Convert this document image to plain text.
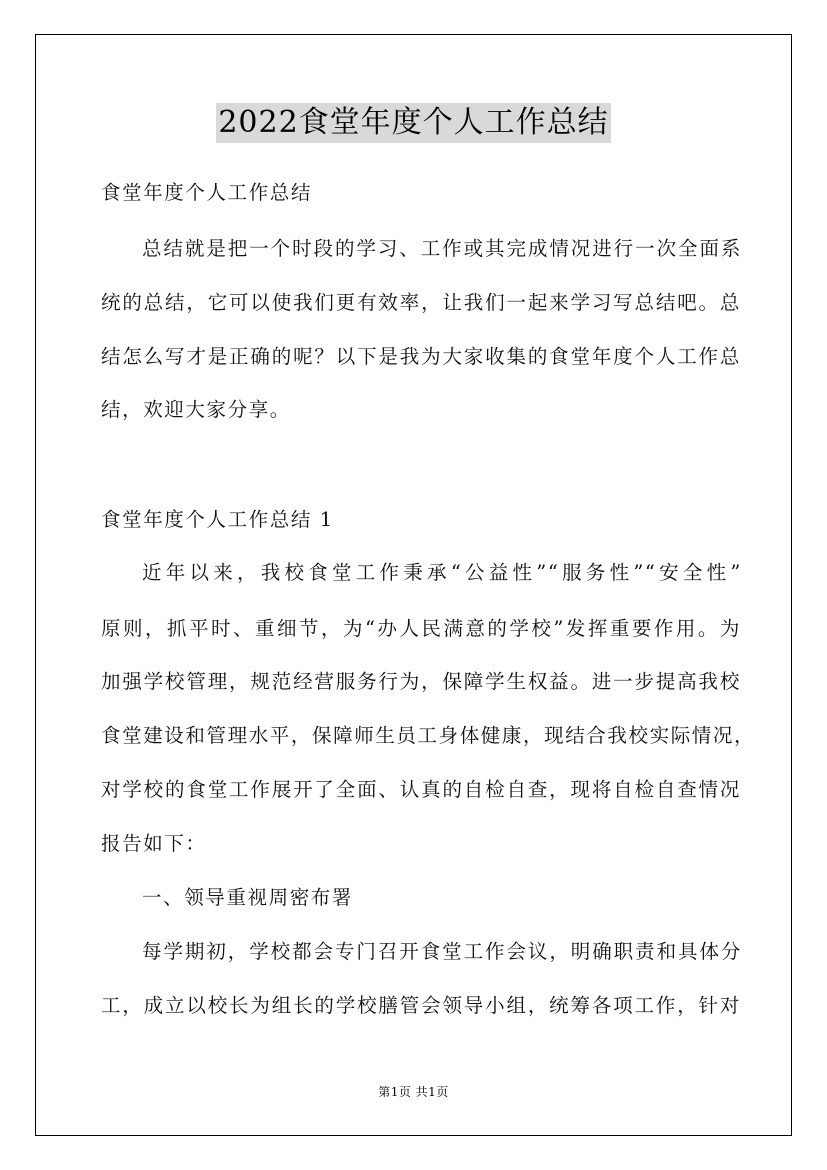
2022食堂年度个人工作总结
食堂年度个人工作总结
总结就是把一个时段的学习、工作或其完成情况进行一次全面系
统的总结，它可以使我们更有效率，让我们一起来学习写总结吧。总
结怎么写才是正确的呢？以下是我为大家收集的食堂年度个人工作总
结，欢迎大家分享。
食堂年度个人工作总结 1
近年以来，我校食堂工作秉承“公益性”“服务性”“安全性”
原则，抓平时、重细节，为“办人民满意的学校”发挥重要作用。为
加强学校管理，规范经营服务行为，保障学生权益。进一步提高我校
食堂建设和管理水平，保障师生员工身体健康，现结合我校实际情况，
对学校的食堂工作展开了全面、认真的自检自查，现将自检自查情况
报告如下：
一、领导重视周密布署
每学期初，学校都会专门召开食堂工作会议，明确职责和具体分
工，成立以校长为组长的学校膳管会领导小组，统筹各项工作，针对
第1页 共1页
